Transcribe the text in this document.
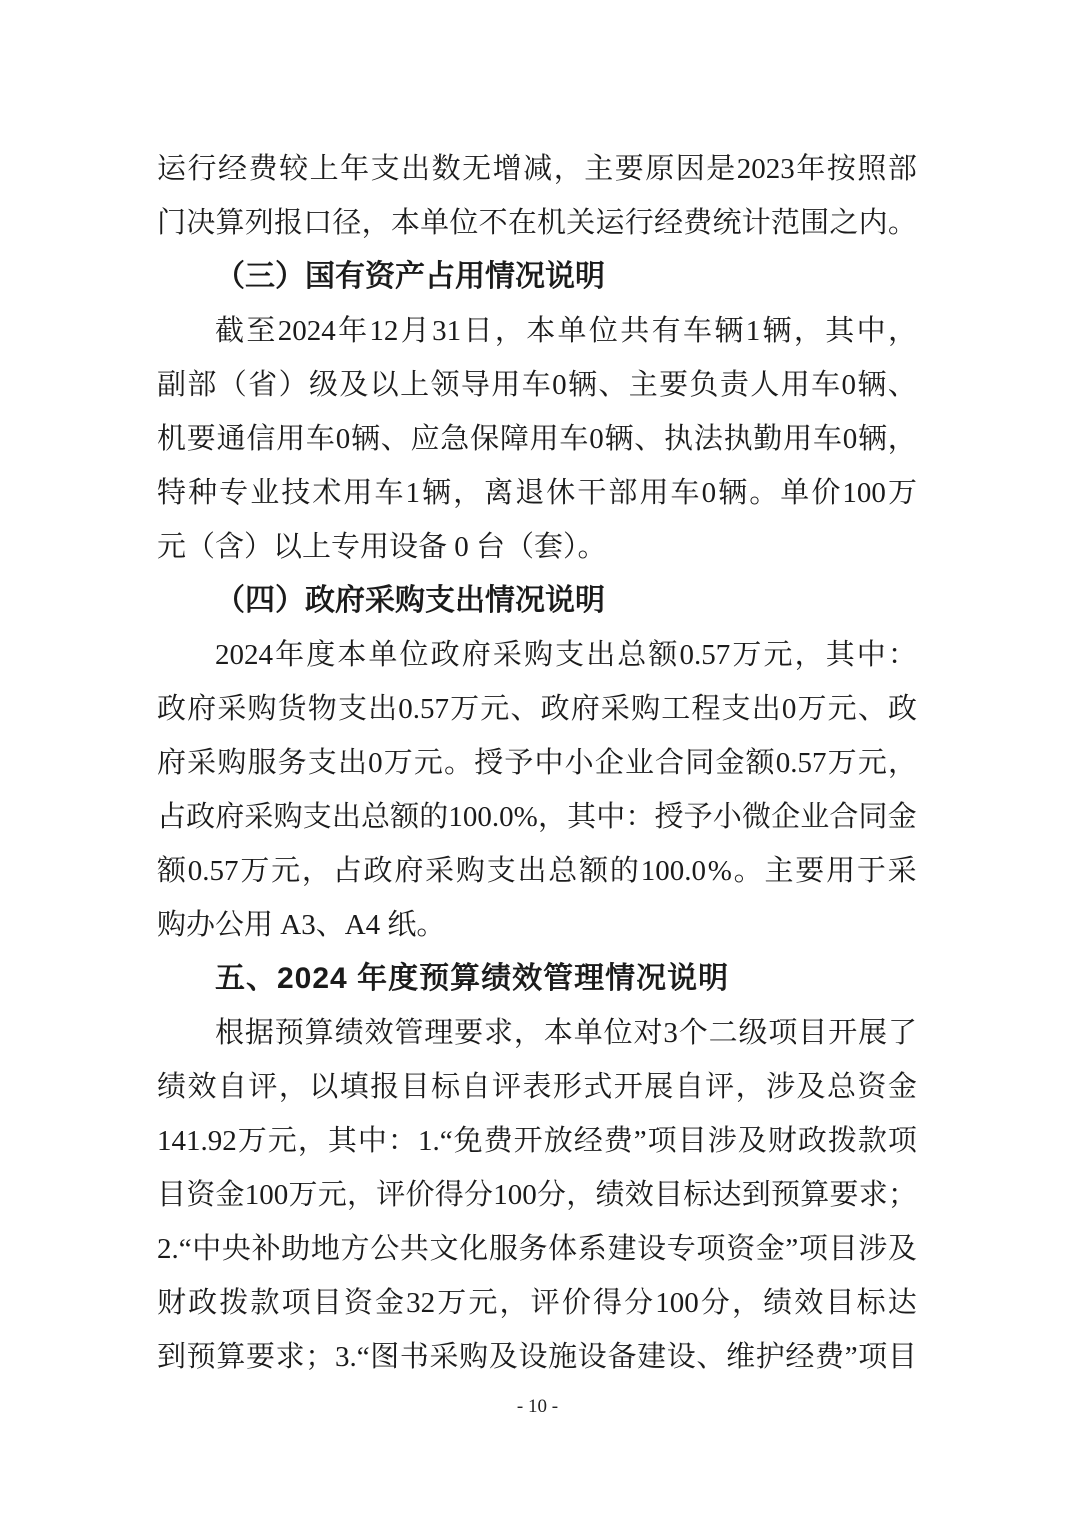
运 行 经 费 较 上 年 支 出 数 无 增 减 ， 主 要 原 因 是 2023 年 按 照 部
门 决 算 列 报 口 径 ， 本 单 位 不 在 机 关 运 行 经 费 统 计 范 围 之 内 。
（三）国有资产占用情况说明
截 至 2024 年 12 月 31 日 ， 本 单 位 共 有 车 辆 1 辆 ， 其 中 ，
副 部 （ 省 ） 级 及 以 上 领 导 用 车 0 辆 、 主 要 负 责 人 用 车 0 辆 、
机 要 通 信 用 车 0 辆 、 应 急 保 障 用 车 0 辆 、 执 法 执 勤 用 车 0 辆 ，
特 种 专 业 技 术 用 车 1 辆 ， 离 退 休 干 部 用 车 0 辆 。 单 价 100 万
元（含）以上专用设备 0 台（套）。
（四）政府采购支出情况说明
2024 年 度 本 单 位 政 府 采 购 支 出 总 额 0.57 万 元 ， 其 中 ：
政 府 采 购 货 物 支 出 0.57 万 元 、 政 府 采 购 工 程 支 出 0 万 元 、 政
府 采 购 服 务 支 出 0 万 元 。 授 予 中 小 企 业 合 同 金 额 0.57 万 元 ，
占 政 府 采 购 支 出 总 额 的 100.0% ， 其 中 ： 授 予 小 微 企 业 合 同 金
额 0.57 万 元 ， 占 政 府 采 购 支 出 总 额 的 100.0 % 。 主 要 用 于 采
购办公用 A3、A4 纸。
五、2024 年度预算绩效管理情况说明
根 据 预 算 绩 效 管 理 要 求 ， 本 单 位 对 3 个 二 级 项 目 开 展 了
绩 效 自 评 ， 以 填 报 目 标 自 评 表 形 式 开 展 自 评 ， 涉 及 总 资 金
141.92 万 元 ， 其 中 ： 1.“ 免 费 开 放 经 费 ” 项 目 涉 及 财 政 拨 款 项
目 资 金 100 万 元 ， 评 价 得 分 100 分 ， 绩 效 目 标 达 到 预 算 要 求 ；
2.“ 中 央 补 助 地 方 公 共 文 化 服 务 体 系 建 设 专 项 资 金 ” 项 目 涉 及
财 政 拨 款 项 目 资 金 32 万 元 ， 评 价 得 分 100 分 ， 绩 效 目 标 达
到 预 算 要 求 ； 3.“ 图 书 采 购 及 设 施 设 备 建 设 、 维 护 经 费 ” 项 目
- 10 -
